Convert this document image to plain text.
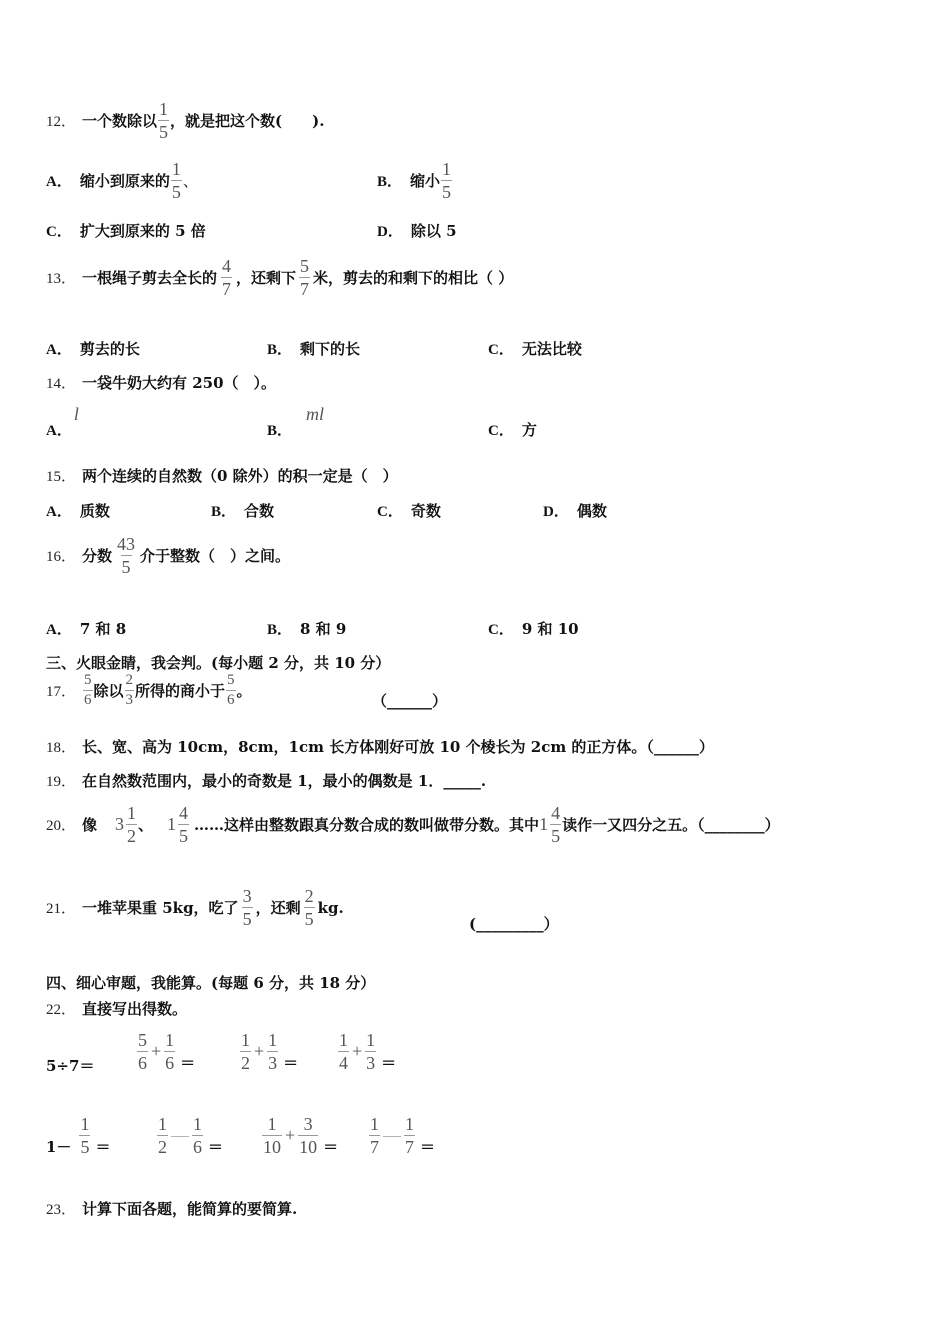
12． 一个数除以 $\frac{1}{5}$ ，就是把这个数(　　).
A． 缩小到原来的 $\frac{1}{5}$ 、	B． 缩小 $\frac{1}{5}$
C． 扩大到原来的 5 倍	D． 除以 5
13． 一根绳子剪去全长的 $\frac{4}{7}$ ，还剩下 $\frac{5}{7}$ 米，剪去的和剩下的相比（ ）
A． 剪去的长	B． 剩下的长	C． 无法比较
14． 一袋牛奶大约有 250（　）。
A．
l
B．
ml
C． 方
15． 两个连续的自然数（0 除外）的积一定是（　）
A． 质数	B． 合数	C． 奇数	D． 偶数
16． 分数 $\frac{43}{5}$ 介于整数（　）之间。
A． 7 和 8	B． 8 和 9	C． 9 和 10
三、火眼金睛，我会判。(每小题 2 分，共 10 分）
17． $\frac{5}{6}$ 除以 $\frac{2}{3}$ 所得的商小于 $\frac{5}{6}$ 。
（______）
18． 长、宽、高为 10cm，8cm，1cm 长方体刚好可放 10 个棱长为 2cm 的正方体。（______）
19． 在自然数范围内，最小的奇数是 1，最小的偶数是 1．_____.
20． 像 $3 \frac{1}{2}$ 、 $1 \frac{4}{5}$ ……这样由整数跟真分数合成的数叫做带分数。其中 $1 \frac{4}{5}$ 读作一又四分之五。（________）
21． 一堆苹果重 5kg，吃了 $\frac{3}{5}$ ，还剩 $\frac{2}{5}$ kg.
(_________）
四、细心审题，我能算。(每题 6 分，共 18 分）
22． 直接写出得数。
$5\div 7= \frac{5}{6} + \frac{1}{6} = \frac{1}{2} + \frac{1}{3} = \frac{1}{4} + \frac{1}{3}$ ＝
$1- \frac{1}{5}$ ＝	$\frac{1}{2}$ — $\frac{1}{6} = \frac{1}{10} + \frac{3}{10} = \frac{1}{7}$ — $\frac{1}{7}$ ＝
23． 计算下面各题，能简算的要简算.
